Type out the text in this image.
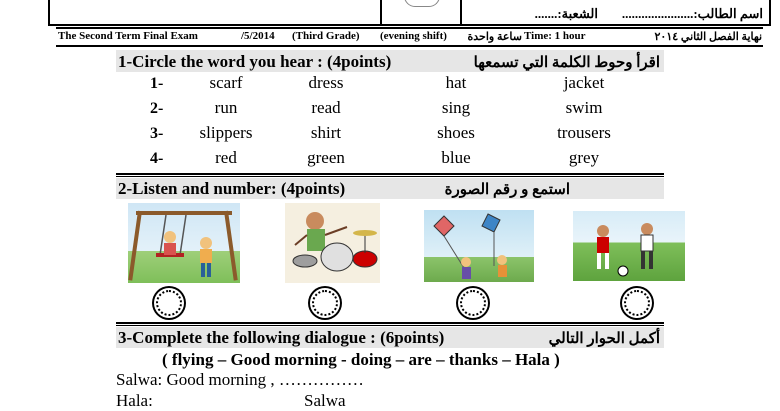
اسم الطالب:......................
الشعبة:.......
The Second Term Final Exam	/5/2014 (Third Grade) (evening shift) ساعة واحدة Time: 1 hour	نهاية الفصل الثاني ٢٠١٤
1-Circle the word you hear : (4points)	اقرأ وحوط الكلمة التي تسمعها
1-	scarf	dress	hat	jacket
2-	run	read	sing	swim
3-	slippers	shirt	shoes	trousers
4-	red	green	blue	grey
2-Listen and number: (4points)	استمع و رقم الصورة
3-Complete the following dialogue : (6points)	أكمل الحوار التالي
( flying – Good morning - doing – are – thanks – Hala )
Salwa: Good morning , ……………
Hala:	Salwa
